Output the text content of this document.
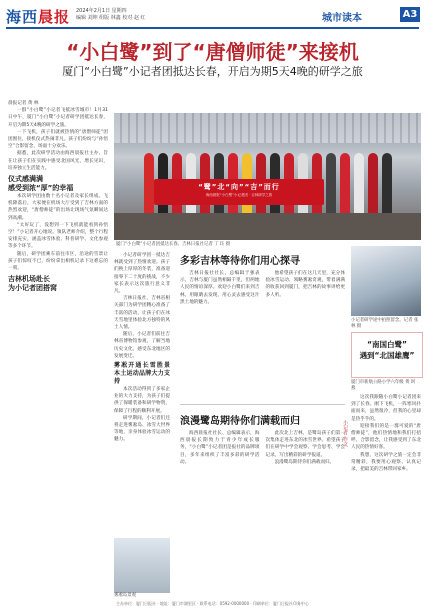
海西晨报 2024年2月1日 星期四
编辑 刘坤 组版 林鑫 校对 赵 红	城市读本	A3
“小白鹭”到了“唐僧师徒”来接机
厦门“小白鹭”小记者团抵达长春，开启为期5天4晚的研学之旅
晨报记者 黄 林

一群“小白鹭”小记者飞抵冰雪城市！1月31日中午，厦门“小白鹭”小记者研学团抵达长春，开启为期5天4晚的研学之旅。

一下飞机，孩子们就被热情的“唐僧师徒”团团围住，接机仪式热闹非凡。孩子们纷纷与“孙悟空”合影留念，场面十分欢乐。

据悉，此次研学活动由海西晨报社主办，旨在让孩子们在实践中感受北国风光，增长见识，培养独立生活能力。

仪式感满满
感受到浓“厚”的幸福

本次研学团由数十名小记者及家长组成。飞机降落后，大家便在机场大厅受到了吉林方面的热烈欢迎，“唐僧师徒”的出场让现场气氛瞬间达到高潮。

“太好玩了，没想到一下飞机就能看到孙悟空！”小记者开心地说。领队老师介绍，整个行程安排充实，涵盖冰雪体验、科普研学、文化参观等多个环节。

随后，研学团乘车前往市区，沿途的雪景让孩子们惊叹不已，纷纷拿出相机记录下这难忘的一刻。

吉林机场赴长
为小记者团搭窝
“鹭”北“向”“吉”而行
海西晨报“小白鹭”小记者团 · 吉林研学之旅
厦门“小白鹭”小记者团抵达长春。吉林日报社记者 丁 珏 摄

小记者研学团一抵达吉林就受到了热情欢迎。孩子们换上厚厚的冬装，准备迎接零下二十度的挑战，不少家长表示这次旅行意义非凡。

吉林日报社、吉林省相关部门为研学团精心准备了丰富的活动，让孩子们在冰天雪地里体验北方独特的风土人情。

随后，小记者们前往吉林省博物馆参观，了解当地历史文化，感受东北地区的发展变迁。

雾凇开通长雪胜景 本土运动品牌大力支持

本次活动得到了多家企业的大力支持，为孩子们提供了保暖装备和研学物资，保障了行程的顺利开展。

研学期间，小记者们还将走进雾凇岛、冰雪大世界等地，亲身体验冰雪运动的魅力。

雾凇岛景观
多彩吉林等待你们用心探寻

吉林日报社社长、总编辑于强表示，吉林与厦门虽然相隔千里，但两地人民的情谊深厚。欢迎小白鹭们来到吉林，用眼睛去发现、用心灵去感受这片黑土地的魅力。

他希望孩子们在这几天里，充分体验冰雪运动、领略雾凇奇观，带着满满的收获回到厦门，把吉林的故事讲给更多人听。

浪漫鹭岛期待你们满载而归

海西晨报社社长、总编辑表示，海西晨报长期致力于青少年成长服务，“小白鹭”小记者团是报社的品牌项目，多年来组织了丰富多彩的研学活动。

此次北上吉林，是鹭岛孩子们第一次集体走进东北的冰雪世界。希望孩子们在研学中学会观察、学会思考、学会记录，写出精彩的研学报道。

浪漫鹭岛期待你们满载而归。

小记者研学途中拍照留念。记者 张 林 摄
小记者 作文
“南国白鹭”
遇到“北国雄鹰”
厦门市新航公路小学六年级 黄 珂 燕

这次我跟随小白鹭小记者团来到了长春。刚下飞机，一阵寒风扑面而来，虽然很冷，但我的心里却是热乎乎的。

迎接我们的是一群可爱的“唐僧师徒”，他们热情地和我们打招呼、合影留念，让我感受到了东北人民的热情好客。

我想，这次研学之旅一定会非常精彩，我要用心观察、认真记录，把最美的吉林带回家乡。

主办单位：厦门日报社 · 地址：厦门市湖里区 · 联系电话：0592-0000000 · 印刷单位：厦门日报社印务中心
